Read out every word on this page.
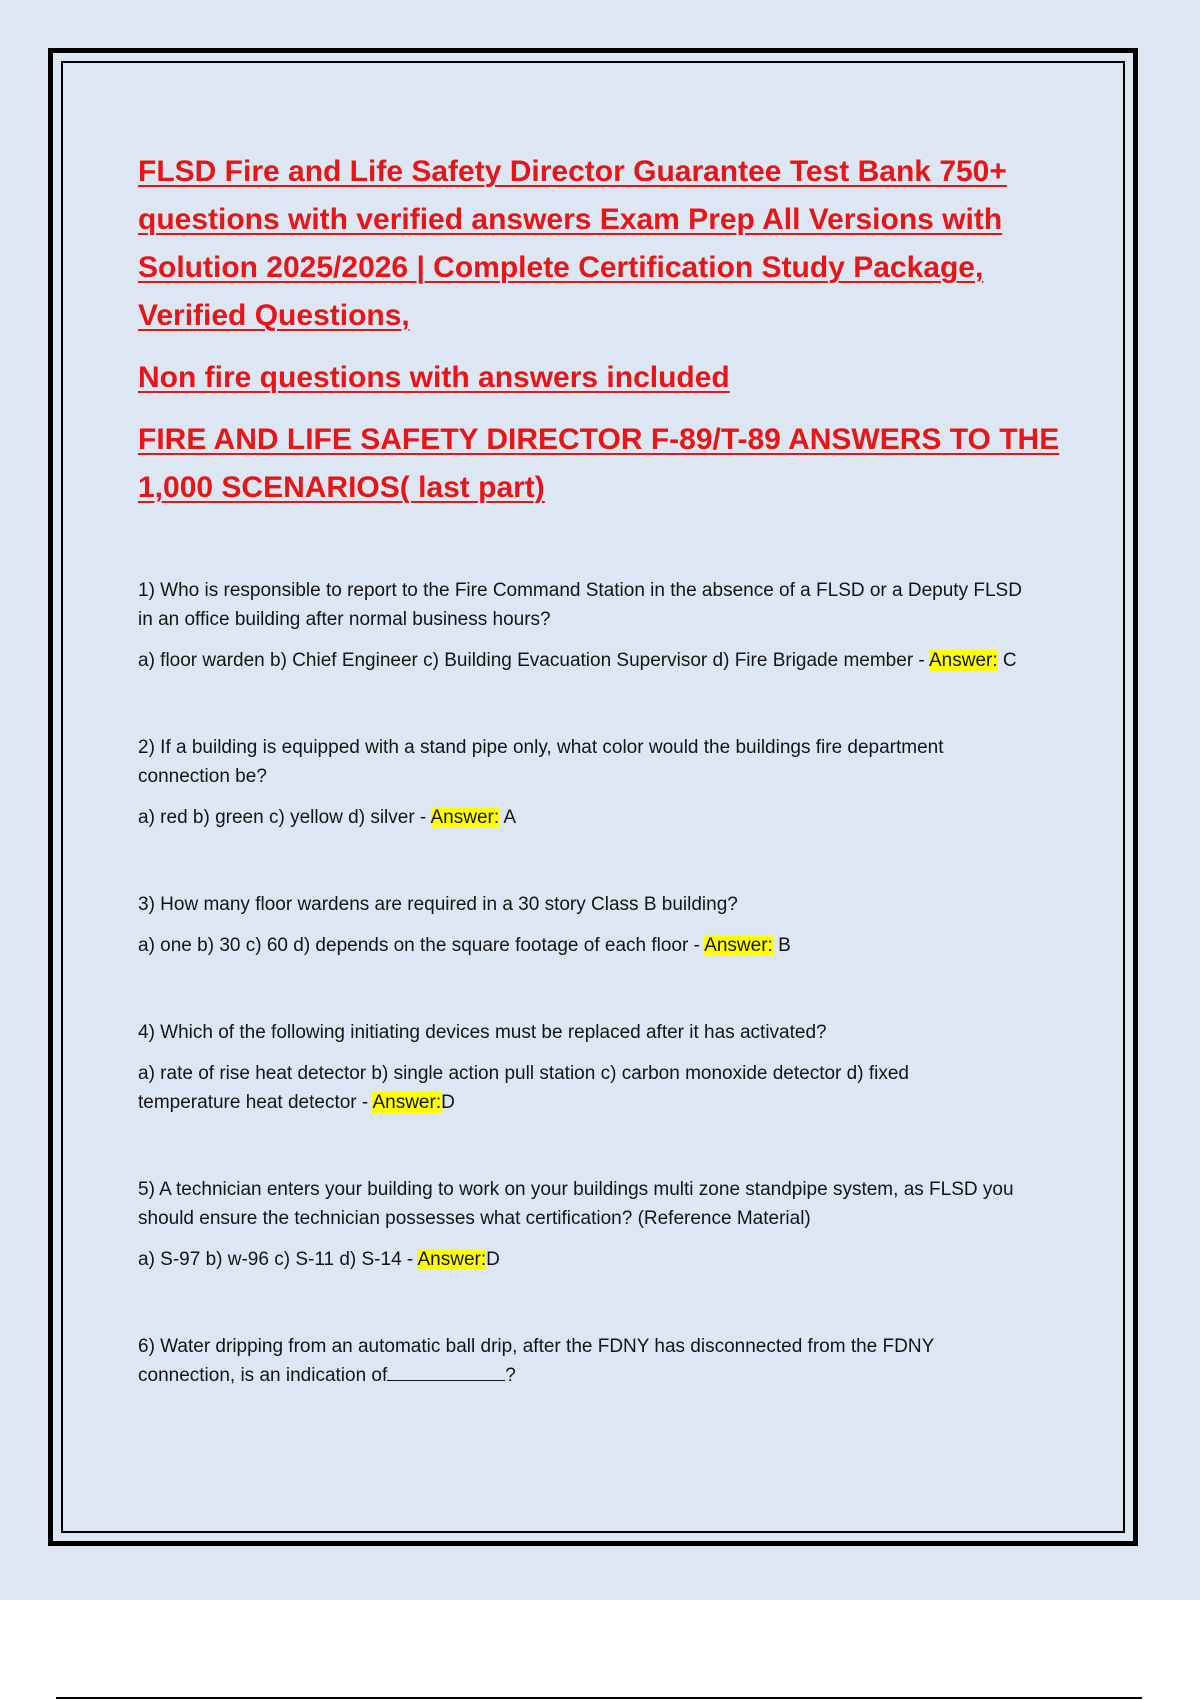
FLSD Fire and Life Safety Director Guarantee Test Bank 750+

questions with verified answers Exam Prep All Versions with

Solution 2025/2026 | Complete Certification Study Package,

Verified Questions,

Non fire questions with answers included

FIRE AND LIFE SAFETY DIRECTOR F-89/T-89 ANSWERS TO THE

1,000 SCENARIOS( last part)

1) Who is responsible to report to the Fire Command Station in the absence of a FLSD or a Deputy FLSD
in an office building after normal business hours?

a) floor warden b) Chief Engineer c) Building Evacuation Supervisor d) Fire Brigade member - Answer: C

2) If a building is equipped with a stand pipe only, what color would the buildings fire department
connection be?

a) red b) green c) yellow d) silver - Answer: A

3) How many floor wardens are required in a 30 story Class B building?

a) one b) 30 c) 60 d) depends on the square footage of each floor - Answer: B

4) Which of the following initiating devices must be replaced after it has activated?

a) rate of rise heat detector b) single action pull station c) carbon monoxide detector d) fixed
temperature heat detector - Answer:D

5) A technician enters your building to work on your buildings multi zone standpipe system, as FLSD you
should ensure the technician possesses what certification? (Reference Material)

a) S-97 b) w-96 c) S-11 d) S-14 - Answer:D

6) Water dripping from an automatic ball drip, after the FDNY has disconnected from the FDNY
connection, is an indication of	?
